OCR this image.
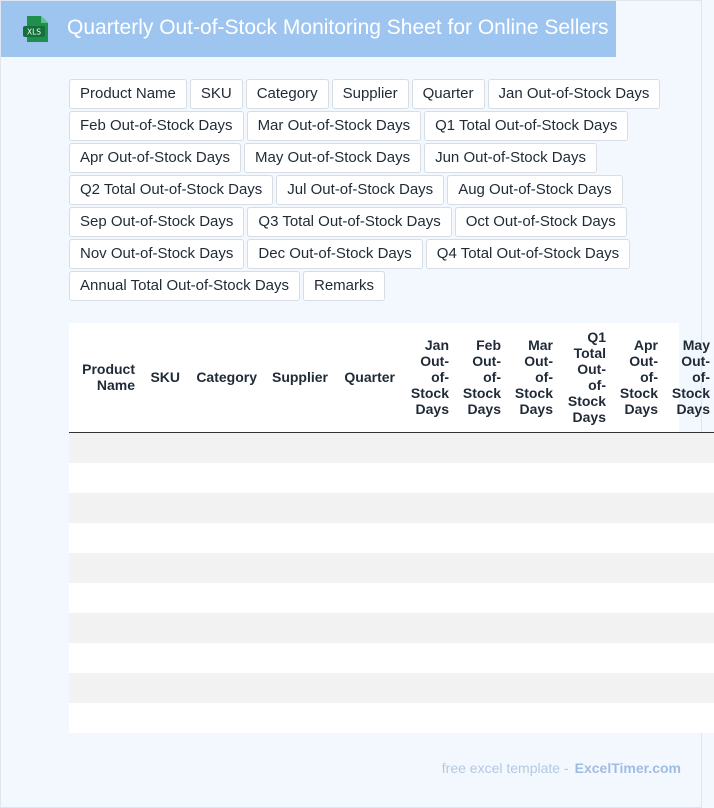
XLS Quarterly Out-of-Stock Monitoring Sheet for Online Sellers
Product Name	SKU	Category	Supplier	Quarter	Jan Out-of-Stock Days
Feb Out-of-Stock Days	Mar Out-of-Stock Days	Q1 Total Out-of-Stock Days
Apr Out-of-Stock Days	May Out-of-Stock Days	Jun Out-of-Stock Days
Q2 Total Out-of-Stock Days	Jul Out-of-Stock Days	Aug Out-of-Stock Days
Sep Out-of-Stock Days	Q3 Total Out-of-Stock Days	Oct Out-of-Stock Days
Nov Out-of-Stock Days	Dec Out-of-Stock Days	Q4 Total Out-of-Stock Days
Annual Total Out-of-Stock Days	Remarks
Product Name	SKU	Category	Supplier	Quarter	Jan Out-of-Stock Days	Feb Out-of-Stock Days	Mar Out-of-Stock Days	Q1 Total Out-of-Stock Days	Apr Out-of-Stock Days	May Out-of-Stock Days

free excel template - ExcelTimer.com
